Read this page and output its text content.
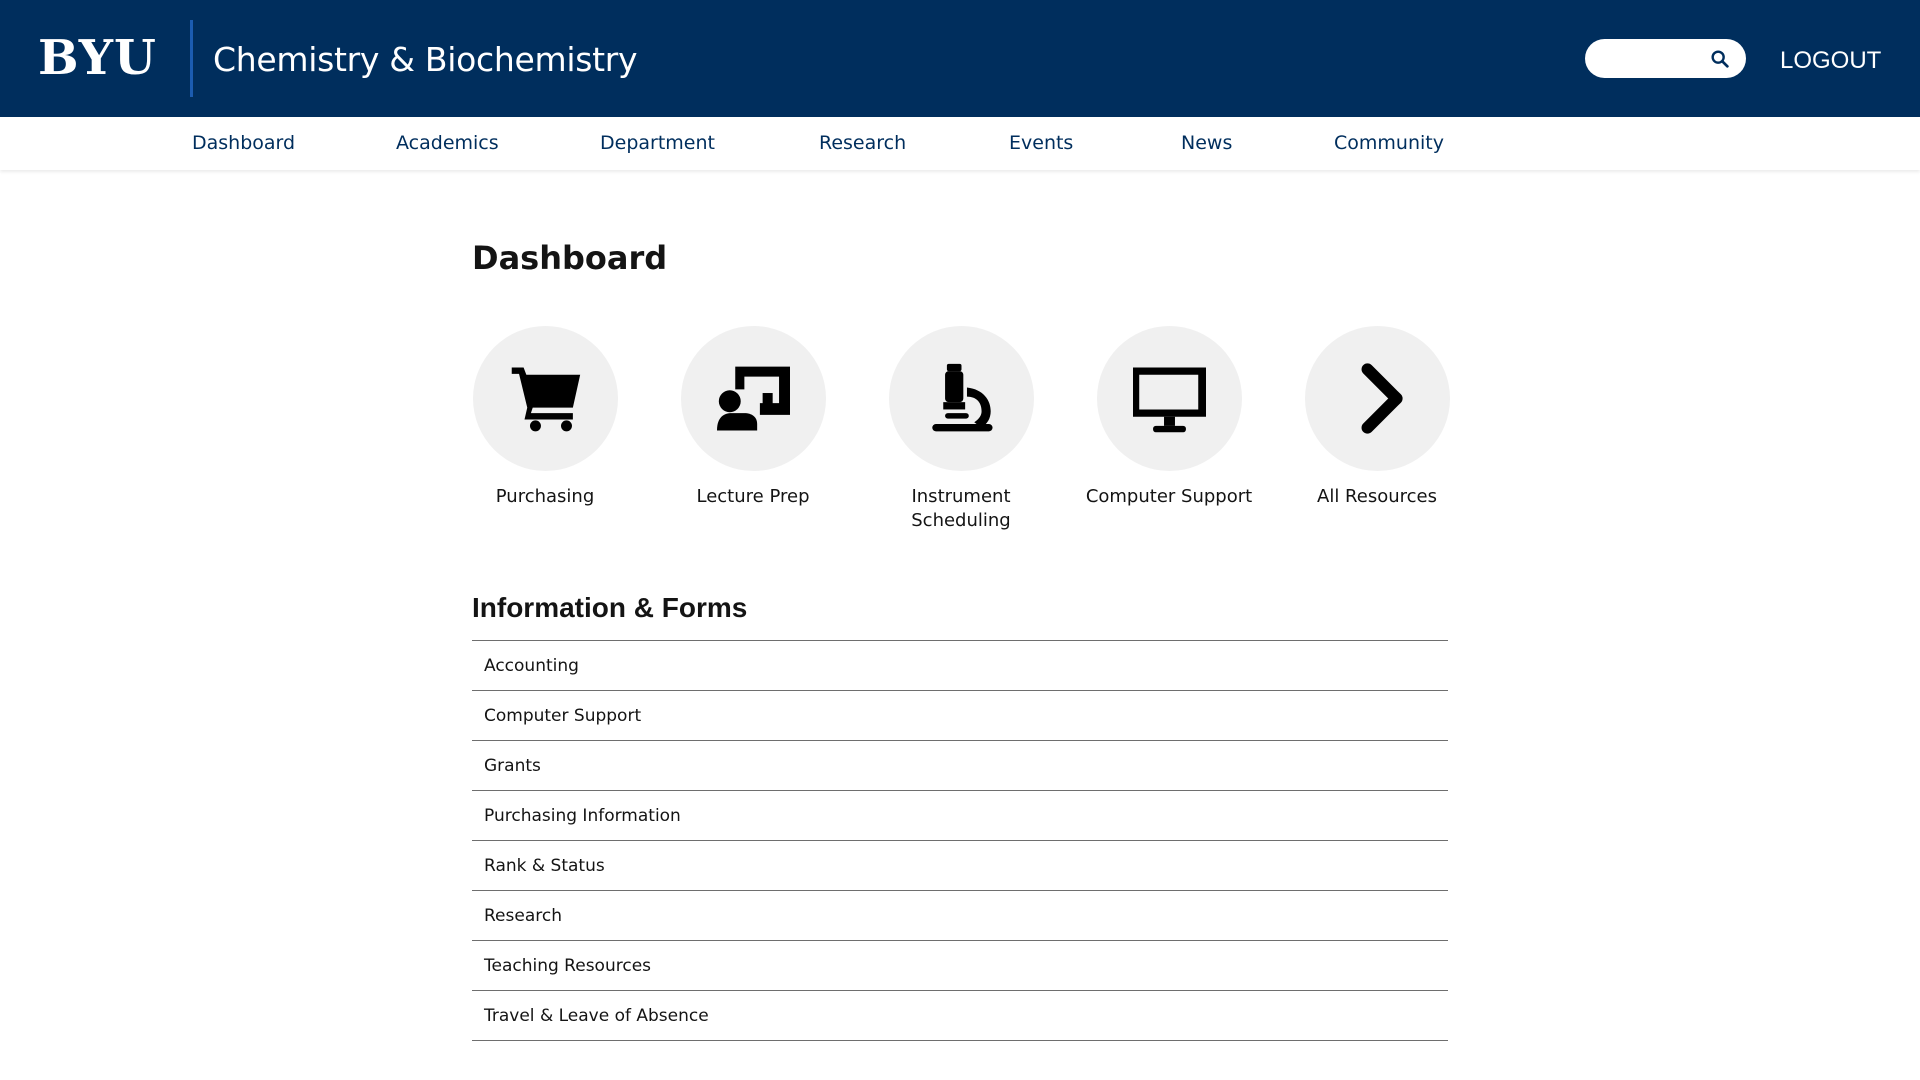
BYU Chemistry & Biochemistry	LOGOUT
Dashboard	Academics	Department	Research	Events	News	Community
Dashboard
Purchasing	Lecture Prep	Instrument Scheduling
Computer Support	All Resources
Information & Forms
Accounting
Computer Support
Grants
Purchasing Information
Rank & Status
Research
Teaching Resources
Travel & Leave of Absence
